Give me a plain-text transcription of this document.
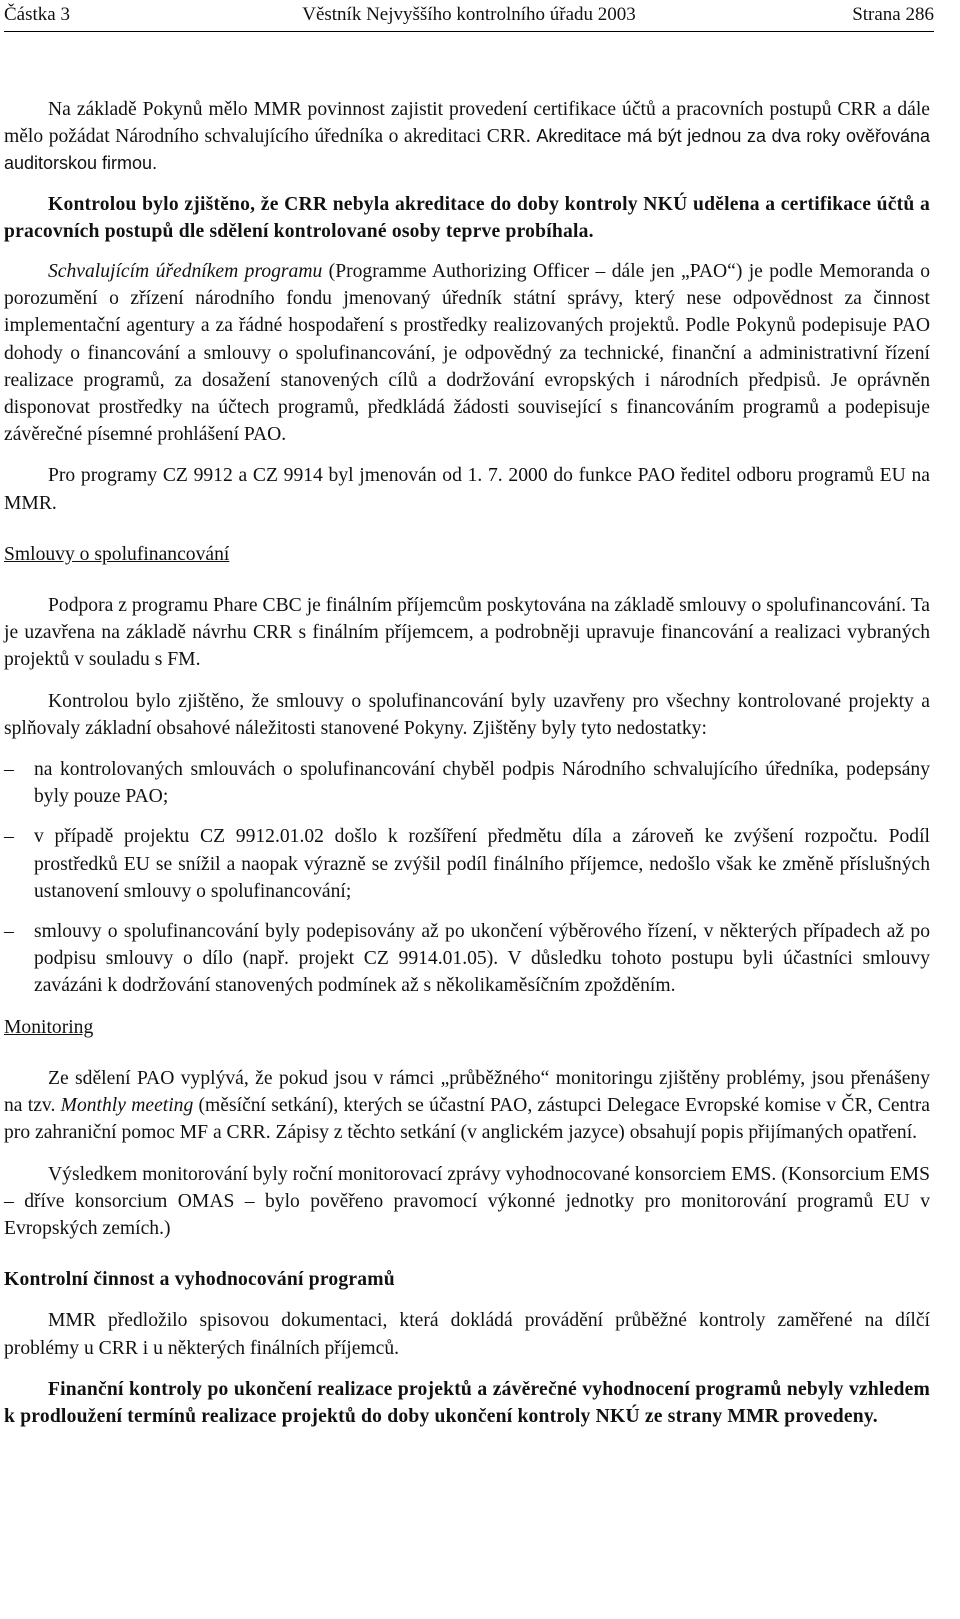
Částka 3	Věstník Nejvyššího kontrolního úřadu 2003	Strana 286

Na základě Pokynů mělo MMR povinnost zajistit provedení certifikace účtů a pracovních postupů CRR a dále mělo požádat Národního schvalujícího úředníka o akreditaci CRR. Akreditace má být jednou za dva roky ověřována auditorskou firmou.

Kontrolou bylo zjištěno, že CRR nebyla akreditace do doby kontroly NKÚ udělena a certifikace účtů a pracovních postupů dle sdělení kontrolované osoby teprve probíhala.

Schvalujícím úředníkem programu (Programme Authorizing Officer – dále jen „PAO“) je podle Memoranda o porozumění o zřízení národního fondu jmenovaný úředník státní správy, který nese odpovědnost za činnost implementační agentury a za řádné hospodaření s prostředky realizovaných projektů. Podle Pokynů podepisuje PAO dohody o financování a smlouvy o spolufinancování, je odpovědný za technické, finanční a administrativní řízení realizace programů, za dosažení stanovených cílů a dodržování evropských i národních předpisů. Je oprávněn disponovat prostředky na účtech programů, předkládá žádosti související s financováním programů a podepisuje závěrečné písemné prohlášení PAO.

Pro programy CZ 9912 a CZ 9914 byl jmenován od 1. 7. 2000 do funkce PAO ředitel odboru programů EU na MMR.

Smlouvy o spolufinancování

Podpora z programu Phare CBC je finálním příjemcům poskytována na základě smlouvy o spolufinancování. Ta je uzavřena na základě návrhu CRR s finálním příjemcem, a podrobněji upravuje financování a realizaci vybraných projektů v souladu s FM.

Kontrolou bylo zjištěno, že smlouvy o spolufinancování byly uzavřeny pro všechny kontrolované projekty a splňovaly základní obsahové náležitosti stanovené Pokyny. Zjištěny byly tyto nedostatky:

– na kontrolovaných smlouvách o spolufinancování chyběl podpis Národního schvalujícího úředníka, podepsány byly pouze PAO;
– v případě projektu CZ 9912.01.02 došlo k rozšíření předmětu díla a zároveň ke zvýšení rozpočtu. Podíl prostředků EU se snížil a naopak výrazně se zvýšil podíl finálního příjemce, nedošlo však ke změně příslušných ustanovení smlouvy o spolufinancování;
– smlouvy o spolufinancování byly podepisovány až po ukončení výběrového řízení, v některých případech až po podpisu smlouvy o dílo (např. projekt CZ 9914.01.05). V důsledku tohoto postupu byli účastníci smlouvy zavázáni k dodržování stanovených podmínek až s několikaměsíčním zpožděním.

Monitoring

Ze sdělení PAO vyplývá, že pokud jsou v rámci „průběžného“ monitoringu zjištěny problémy, jsou přenášeny na tzv. Monthly meeting (měsíční setkání), kterých se účastní PAO, zástupci Delegace Evropské komise v ČR, Centra pro zahraniční pomoc MF a CRR. Zápisy z těchto setkání (v anglickém jazyce) obsahují popis přijímaných opatření.

Výsledkem monitorování byly roční monitorovací zprávy vyhodnocované konsorciem EMS. (Konsorcium EMS – dříve konsorcium OMAS – bylo pověřeno pravomocí výkonné jednotky pro monitorování programů EU v Evropských zemích.)

Kontrolní činnost a vyhodnocování programů

MMR předložilo spisovou dokumentaci, která dokládá provádění průběžné kontroly zaměřené na dílčí problémy u CRR i u některých finálních příjemců.

Finanční kontroly po ukončení realizace projektů a závěrečné vyhodnocení programů nebyly vzhledem k prodloužení termínů realizace projektů do doby ukončení kontroly NKÚ ze strany MMR provedeny.
